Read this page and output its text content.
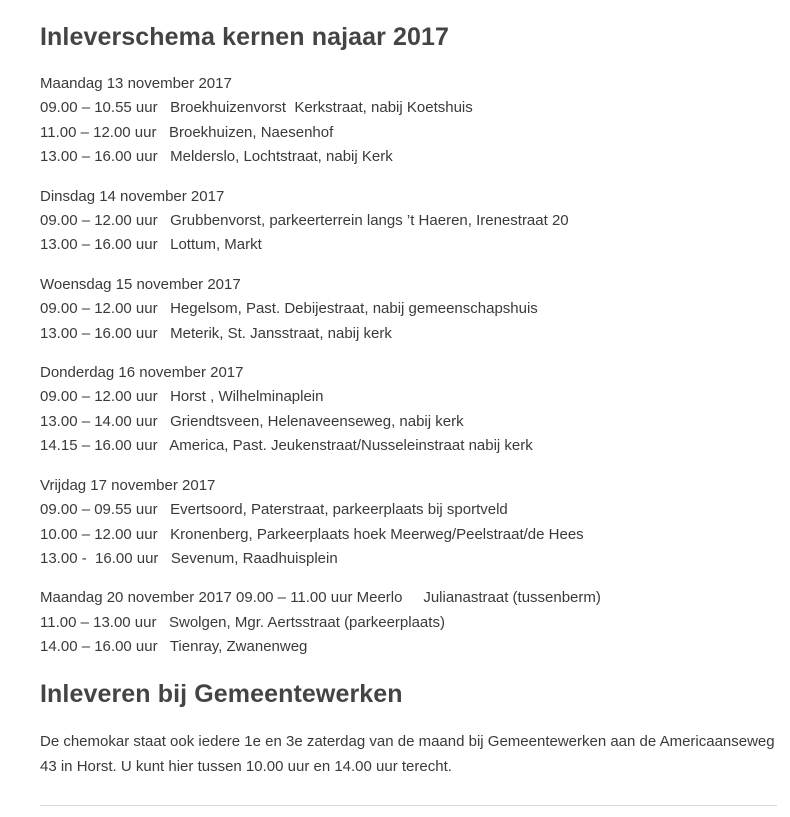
Inleverschema kernen najaar 2017
Maandag 13 november 2017
09.00 – 10.55 uur   Broekhuizenvorst  Kerkstraat, nabij Koetshuis
11.00 – 12.00 uur   Broekhuizen, Naesenhof
13.00 – 16.00 uur   Melderslo, Lochtstraat, nabij Kerk
Dinsdag 14 november 2017
09.00 – 12.00 uur   Grubbenvorst, parkeerterrein langs ’t Haeren, Irenestraat 20
13.00 – 16.00 uur   Lottum, Markt
Woensdag 15 november 2017
09.00 – 12.00 uur   Hegelsom, Past. Debijestraat, nabij gemeenschapshuis
13.00 – 16.00 uur   Meterik, St. Jansstraat, nabij kerk
Donderdag 16 november 2017
09.00 – 12.00 uur   Horst , Wilhelminaplein
13.00 – 14.00 uur   Griendtsveen, Helenaveenseweg, nabij kerk
14.15 – 16.00 uur   America, Past. Jeukenstraat/Nusseleinstraat nabij kerk
Vrijdag 17 november 2017
09.00 – 09.55 uur   Evertsoord, Paterstraat, parkeerplaats bij sportveld
10.00 – 12.00 uur   Kronenberg, Parkeerplaats hoek Meerweg/Peelstraat/de Hees
13.00 -  16.00 uur   Sevenum, Raadhuisplein
Maandag 20 november 2017 09.00 – 11.00 uur Meerlo     Julianastraat (tussenberm)
11.00 – 13.00 uur   Swolgen, Mgr. Aertsstraat (parkeerplaats)
14.00 – 16.00 uur   Tienray, Zwanenweg
Inleveren bij Gemeentewerken

De chemokar staat ook iedere 1e en 3e zaterdag van de maand bij Gemeentewerken aan de Americaanseweg 43 in Horst. U kunt hier tussen 10.00 uur en 14.00 uur terecht.
